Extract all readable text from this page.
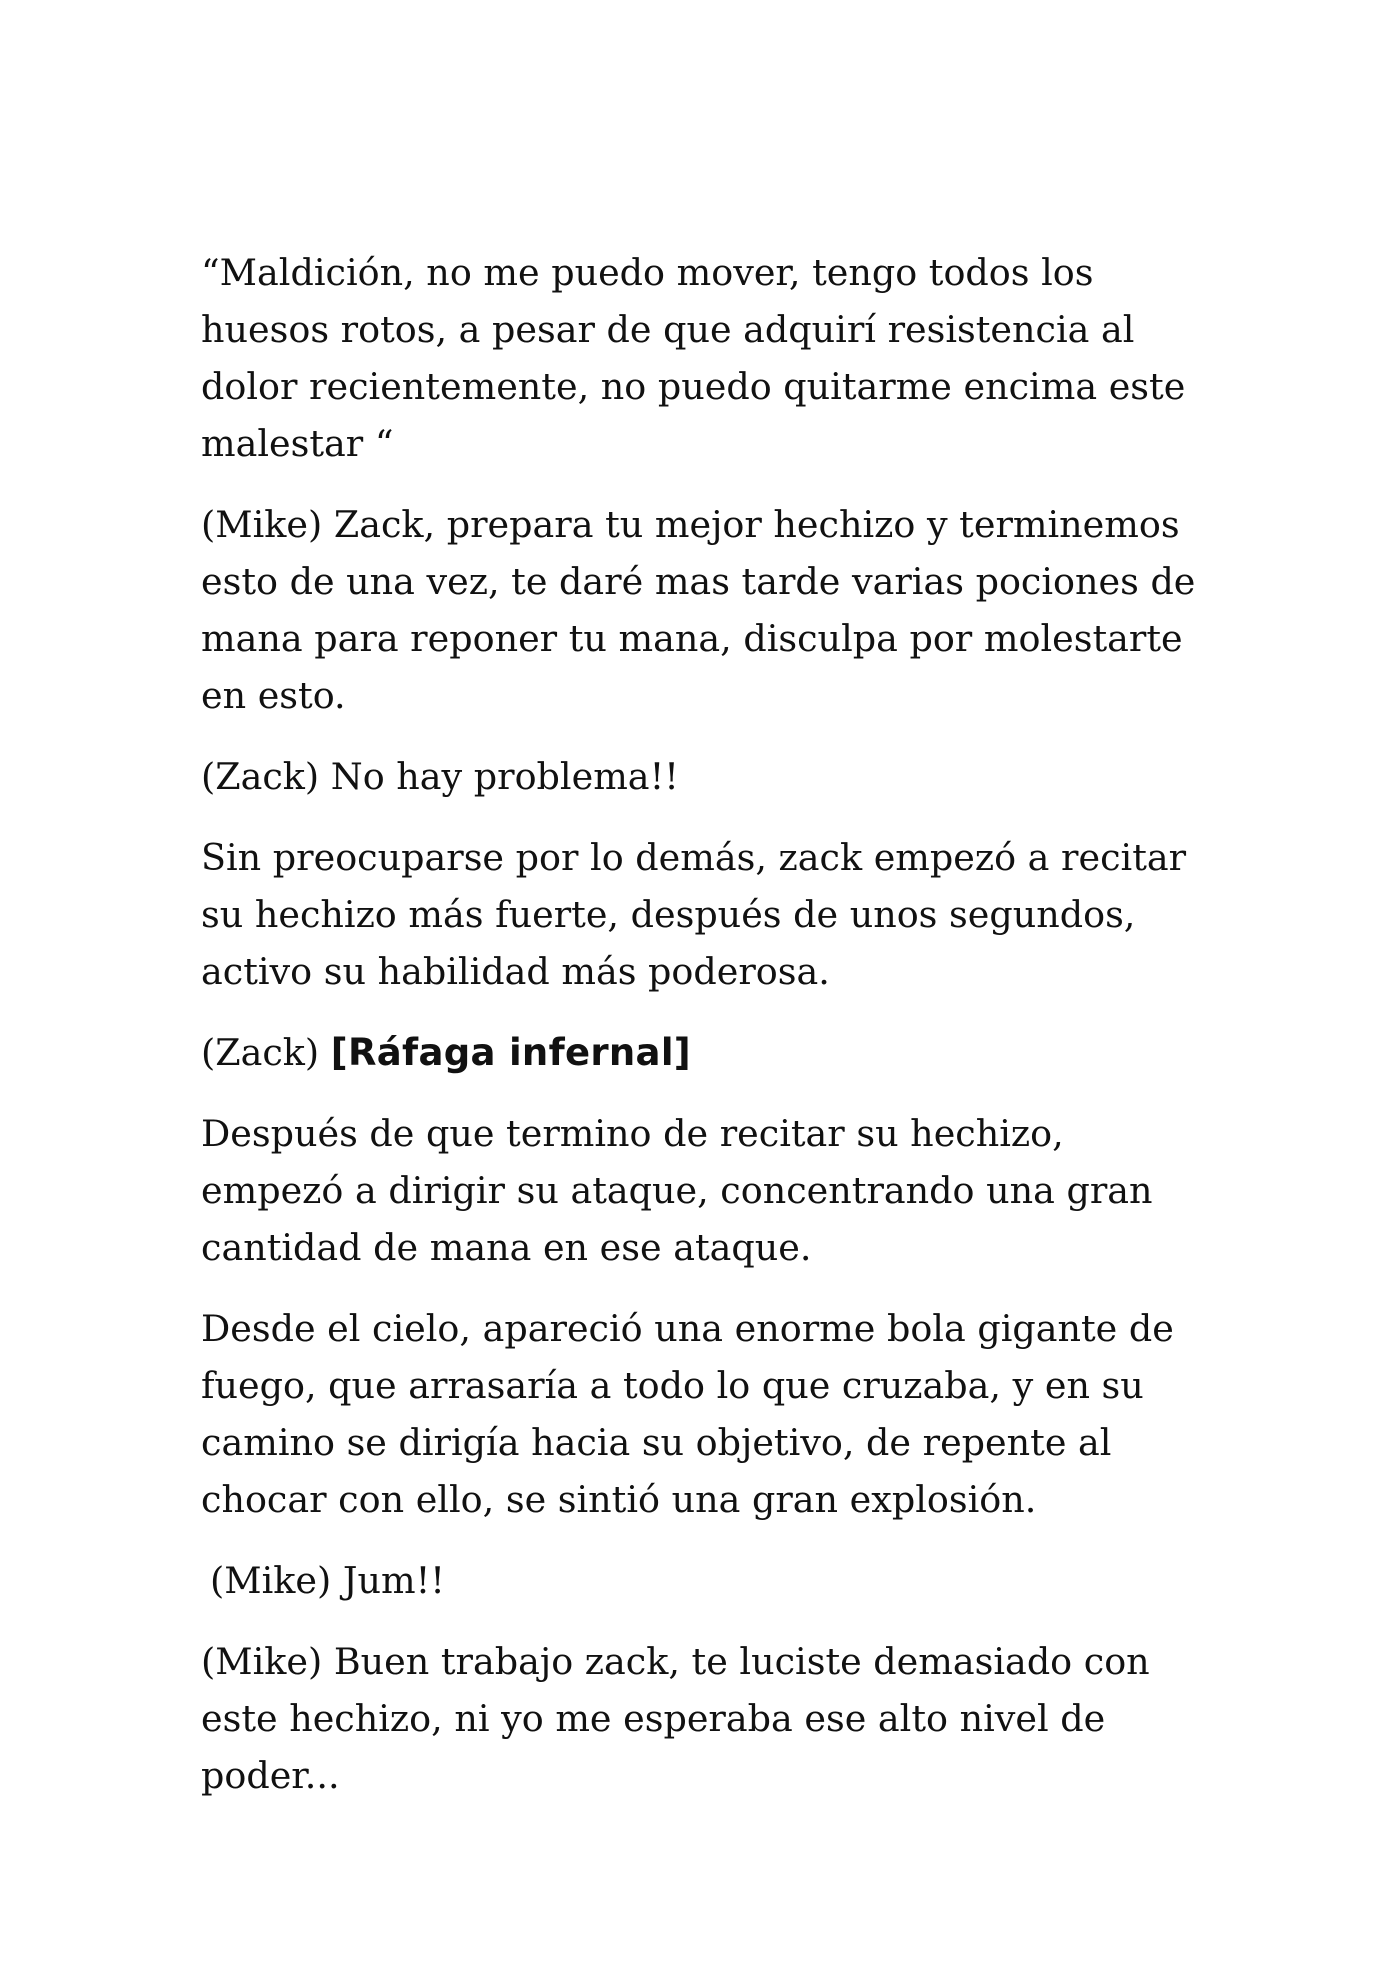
“Maldición, no me puedo mover, tengo todos los huesos rotos, a pesar de que adquirí resistencia al dolor recientemente, no puedo quitarme encima este malestar “

(Mike) Zack, prepara tu mejor hechizo y terminemos esto de una vez, te daré mas tarde varias pociones de mana para reponer tu mana, disculpa por molestarte en esto.

(Zack) No hay problema!!

Sin preocuparse por lo demás, zack empezó a recitar su hechizo más fuerte, después de unos segundos, activo su habilidad más poderosa.

(Zack) [Ráfaga infernal]

Después de que termino de recitar su hechizo, empezó a dirigir su ataque, concentrando una gran cantidad de mana en ese ataque.

Desde el cielo, apareció una enorme bola gigante de fuego, que arrasaría a todo lo que cruzaba, y en su camino se dirigía hacia su objetivo, de repente al chocar con ello, se sintió una gran explosión.

(Mike) Jum!!

(Mike) Buen trabajo zack, te luciste demasiado con este hechizo, ni yo me esperaba ese alto nivel de poder...
